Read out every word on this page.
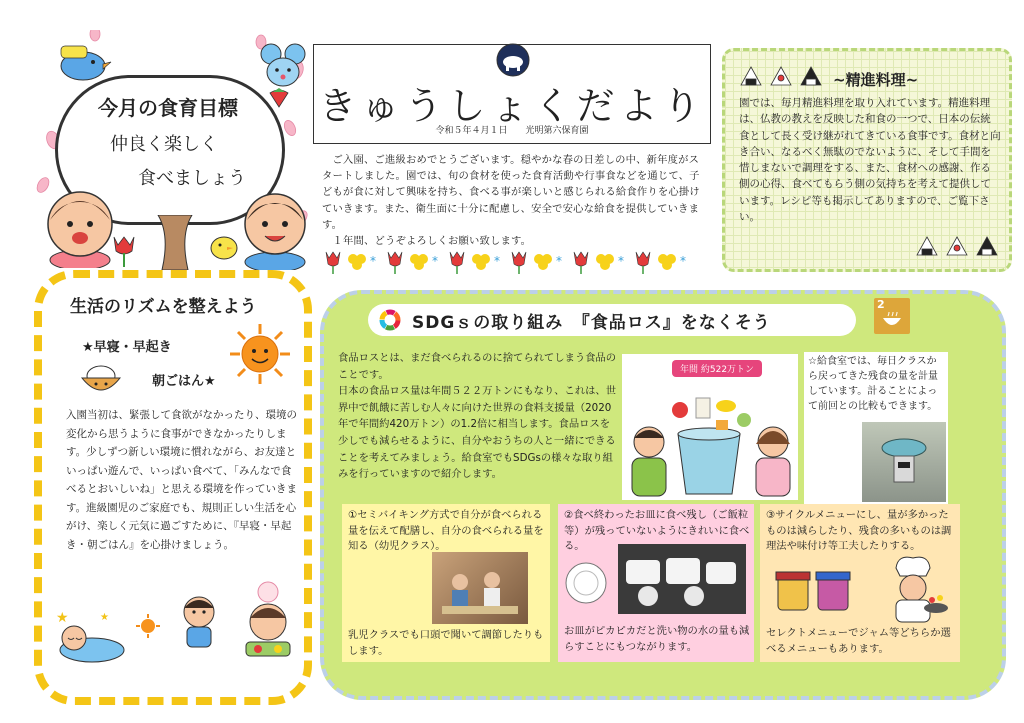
今月の食育目標
仲良く楽しく
食べましょう
きゅうしょくだより
令和５年４月１日　　 光明第六保育園
　ご入園、ご進級おめでとうございます。穏やかな春の日差しの中、新年度がスタートしました。園では、旬の食材を使った食育活動や行事食などを通じて、子どもが食に対して興味を持ち、食べる事が楽しいと感じられる給食作りを心掛けていきます。また、衛生面に十分に配慮し、安全で安心な給食を提供していきます。
　１年間、どうぞよろしくお願い致します。
*
~精進料理~
園では、毎月精進料理を取り入れています。精進料理は、仏教の教えを反映した和食の一つで、日本の伝統食として長く受け継がれてきている食事です。食材と向き合い、なるべく無駄のでないように、そして手間を惜しまないで調理をする、また、食材への感謝、作る側の心得、食べてもらう側の気持ちを考えて提供しています。レシピ等も掲示してありますので、ご覧下さい。
生活のリズムを整えよう
★早寝・早起き
朝ごはん★
入園当初は、緊張して食欲がなかったり、環境の変化から思うように食事ができなかったりします。少しずつ新しい環境に慣れながら、お友達といっぱい遊んで、いっぱい食べて、「みんなで食べるとおいしいね」と思える環境を作っていきます。進級園児のご家庭でも、規則正しい生活を心がけ、楽しく元気に過ごすために、『早寝・早起き・朝ごはん』を心掛けましょう。
★	★
SDGｓの取り組み　『食品ロス』をなくそう
2
食品ロスとは、まだ食べられるのに捨てられてしまう食品のことです。
日本の食品ロス量は年間５２２万トンにもなり、これは、世界中で飢餓に苦しむ人々に向けた世界の食料支援量（2020年で年間約420万トン）の1.2倍に相当します。食品ロスを少しでも減らせるように、自分やおうちの人と一緒にできることを考えてみましょう。給食室でもSDGsの様々な取り組みを行っていますので紹介します。
年間 約522万トン
☆給食室では、毎日クラスから戻ってきた残食の量を計量しています。計ることによって前回との比較もできます。
①セミバイキング方式で自分が食べられる量を伝えて配膳し、自分の食べられる量を知る（幼児クラス）。
乳児クラスでも口頭で聞いて調節したりもします。
②食べ終わったお皿に食べ残し（ご飯粒等）が残っていないようにきれいに食べる。
お皿がピカピカだと洗い物の水の量も減らすことにもつながります。
③サイクルメニューにし、量が多かったものは減らしたり、残食の多いものは調理法や味付け等工夫したりする。
セレクトメニューでジャム等どちらか選べるメニューもあります。
